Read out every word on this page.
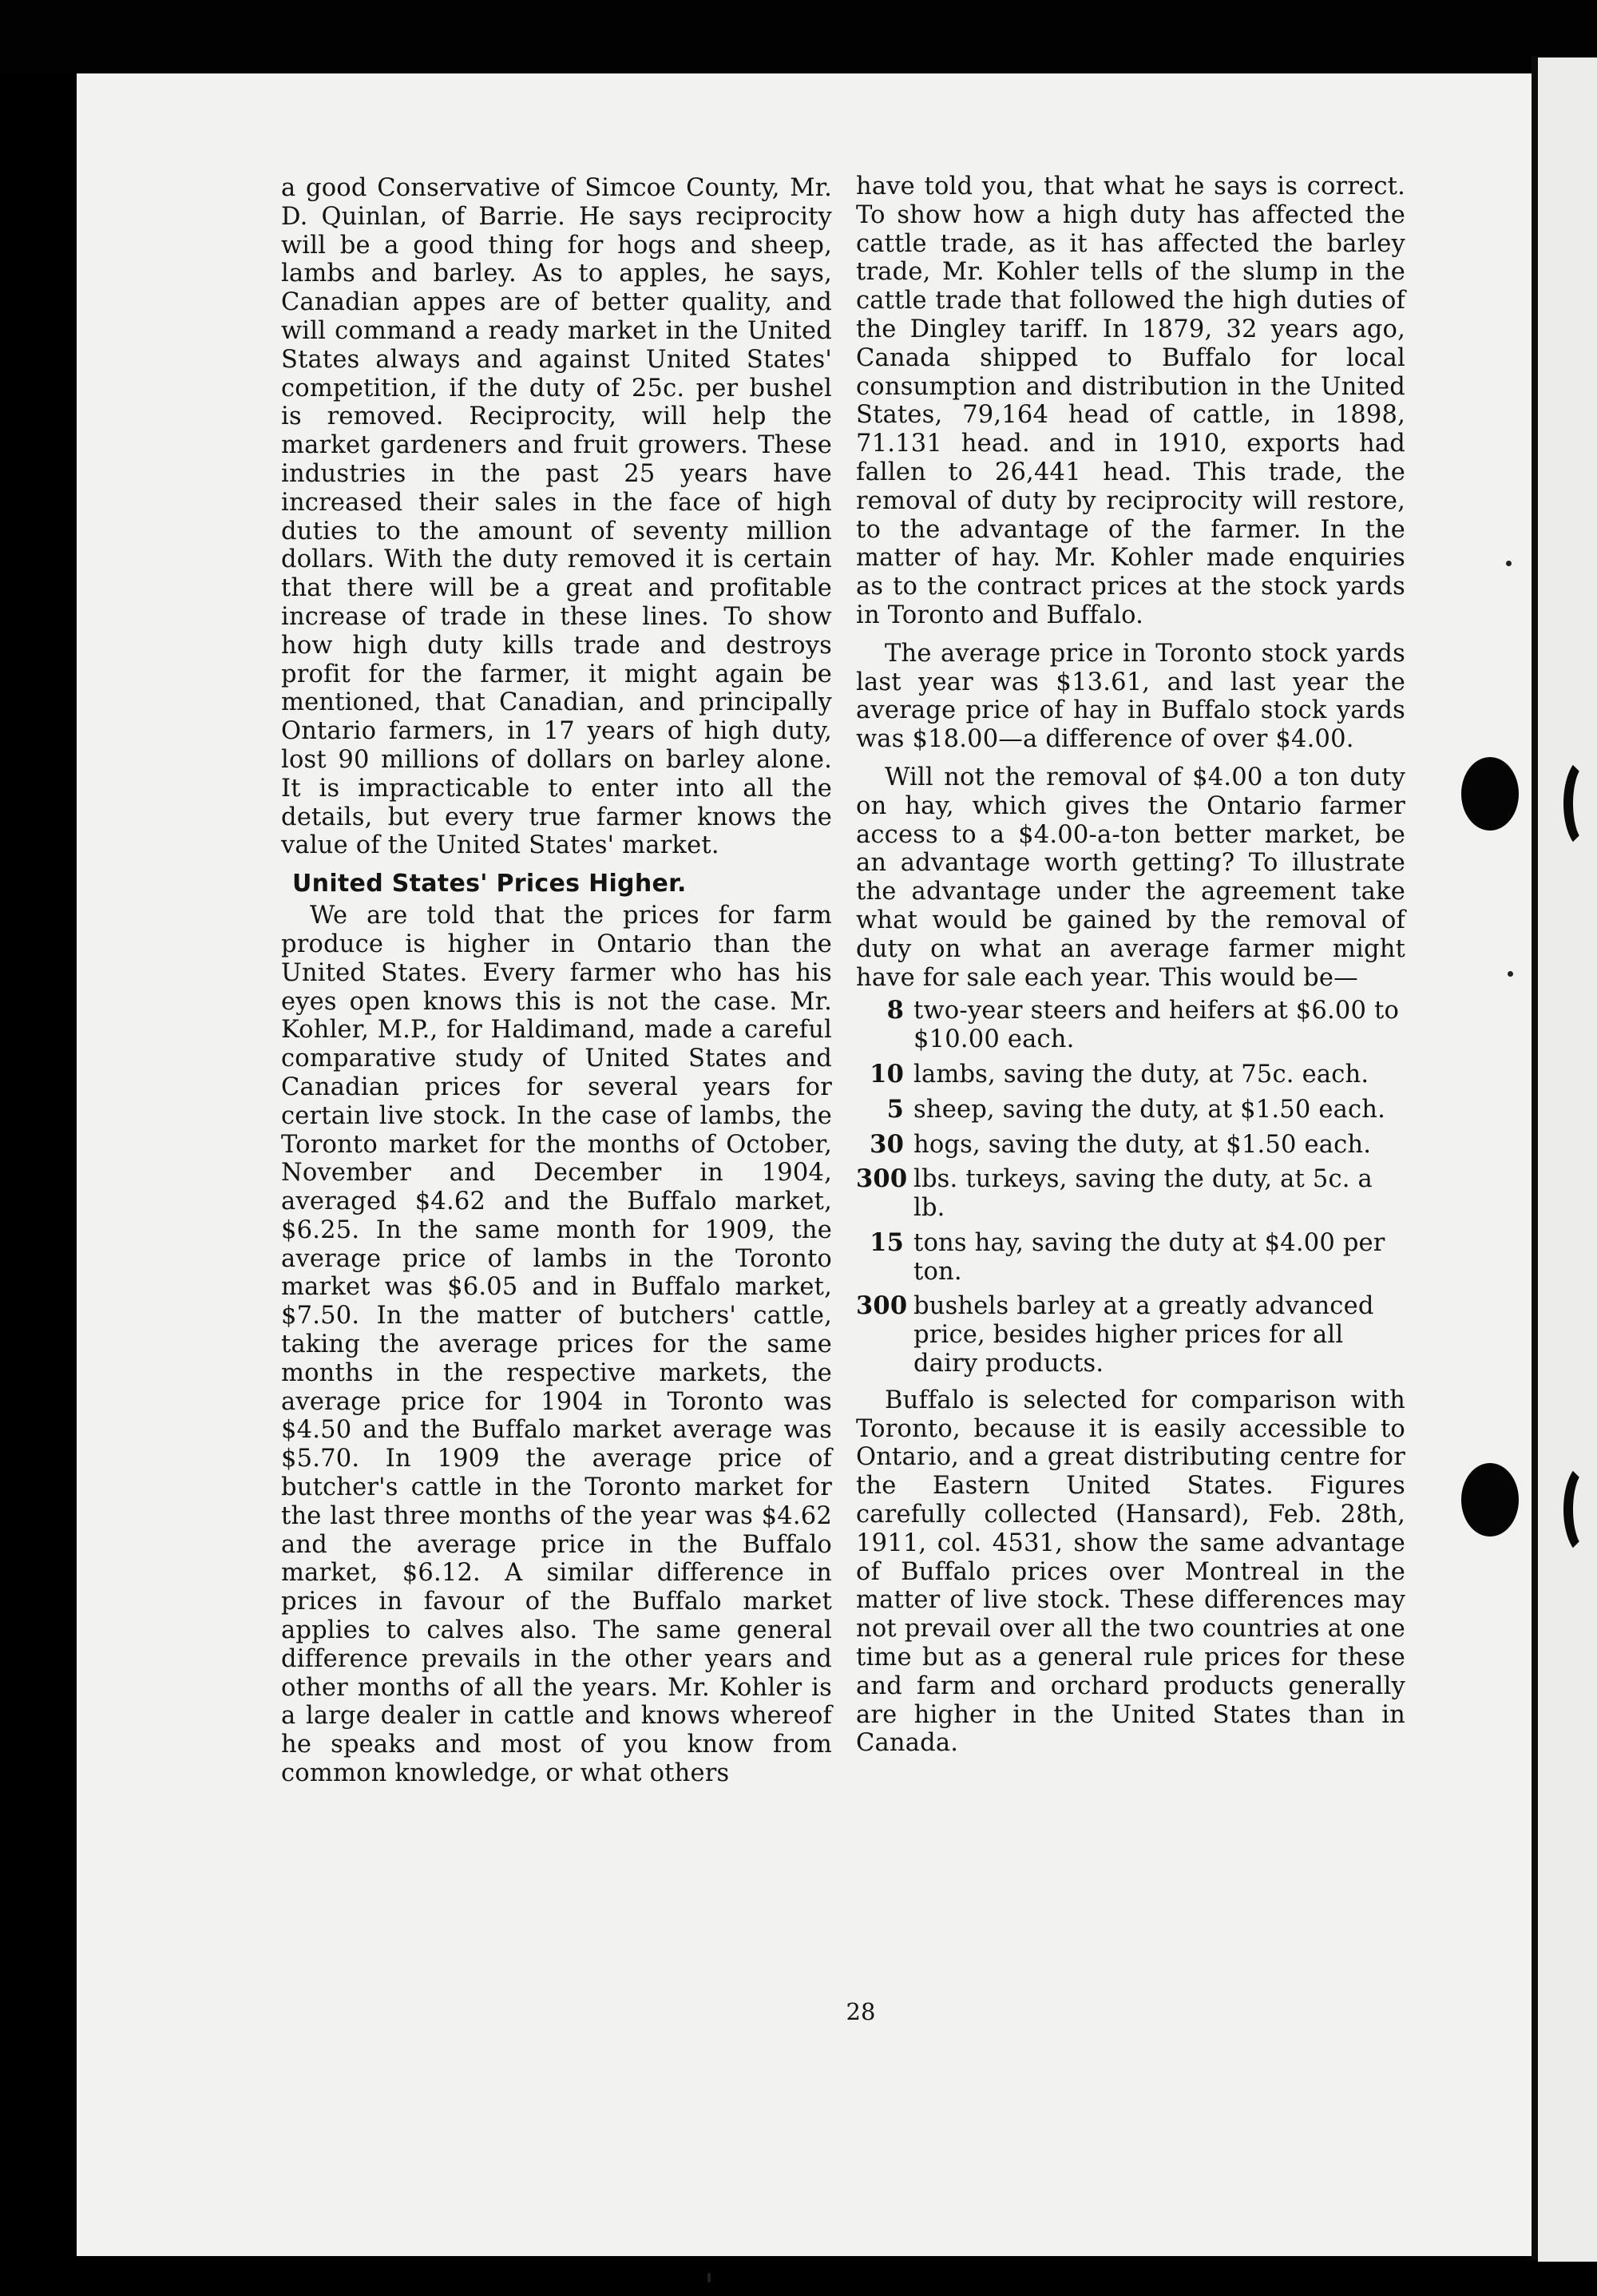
a good Conservative of Simcoe County, Mr. D. Quinlan, of Barrie. He says reciprocity will be a good thing for hogs and sheep, lambs and barley. As to apples, he says, Canadian appes are of better quality, and will command a ready market in the United States always and against United States' competition, if the duty of 25c. per bushel is removed. Reciprocity, will help the market gardeners and fruit growers. These industries in the past 25 years have increased their sales in the face of high duties to the amount of seventy million dollars. With the duty removed it is certain that there will be a great and profitable increase of trade in these lines. To show how high duty kills trade and destroys profit for the farmer, it might again be mentioned, that Canadian, and principally Ontario farmers, in 17 years of high duty, lost 90 millions of dollars on barley alone. It is impracticable to enter into all the details, but every true farmer knows the value of the United States' market.

United States' Prices Higher.

We are told that the prices for farm produce is higher in Ontario than the United States. Every farmer who has his eyes open knows this is not the case. Mr. Kohler, M.P., for Haldimand, made a careful comparative study of United States and Canadian prices for several years for certain live stock. In the case of lambs, the Toronto market for the months of October, November and December in 1904, averaged $4.62 and the Buffalo market, $6.25. In the same month for 1909, the average price of lambs in the Toronto market was $6.05 and in Buffalo market, $7.50. In the matter of butchers' cattle, taking the average prices for the same months in the respective markets, the average price for 1904 in Toronto was $4.50 and the Buffalo market average was $5.70. In 1909 the average price of butcher's cattle in the Toronto market for the last three months of the year was $4.62 and the average price in the Buffalo market, $6.12. A similar difference in prices in favour of the Buffalo market applies to calves also. The same general difference prevails in the other years and other months of all the years. Mr. Kohler is a large dealer in cattle and knows whereof he speaks and most of you know from common knowledge, or what others

have told you, that what he says is correct. To show how a high duty has affected the cattle trade, as it has affected the barley trade, Mr. Kohler tells of the slump in the cattle trade that followed the high duties of the Dingley tariff. In 1879, 32 years ago, Canada shipped to Buffalo for local consumption and distribution in the United States, 79,164 head of cattle, in 1898, 71.131 head. and in 1910, exports had fallen to 26,441 head. This trade, the removal of duty by reciprocity will restore, to the advantage of the farmer. In the matter of hay. Mr. Kohler made enquiries as to the contract prices at the stock yards in Toronto and Buffalo.

The average price in Toronto stock yards last year was $13.61, and last year the average price of hay in Buffalo stock yards was $18.00—a difference of over $4.00.

Will not the removal of $4.00 a ton duty on hay, which gives the Ontario farmer access to a $4.00-a-ton better market, be an advantage worth getting? To illustrate the advantage under the agreement take what would be gained by the removal of duty on what an average farmer might have for sale each year. This would be—

8 two-year steers and heifers at $6.00 to $10.00 each.
10 lambs, saving the duty, at 75c. each.
5 sheep, saving the duty, at $1.50 each.
30 hogs, saving the duty, at $1.50 each.
300 lbs. turkeys, saving the duty, at 5c. a lb.
15 tons hay, saving the duty at $4.00 per ton.
300 bushels barley at a greatly advanced price, besides higher prices for all dairy products.

Buffalo is selected for comparison with Toronto, because it is easily accessible to Ontario, and a great distributing centre for the Eastern United States. Figures carefully collected (Hansard), Feb. 28th, 1911, col. 4531, show the same advantage of Buffalo prices over Montreal in the matter of live stock. These differences may not prevail over all the two countries at one time but as a general rule prices for these and farm and orchard products generally are higher in the United States than in Canada.

28
